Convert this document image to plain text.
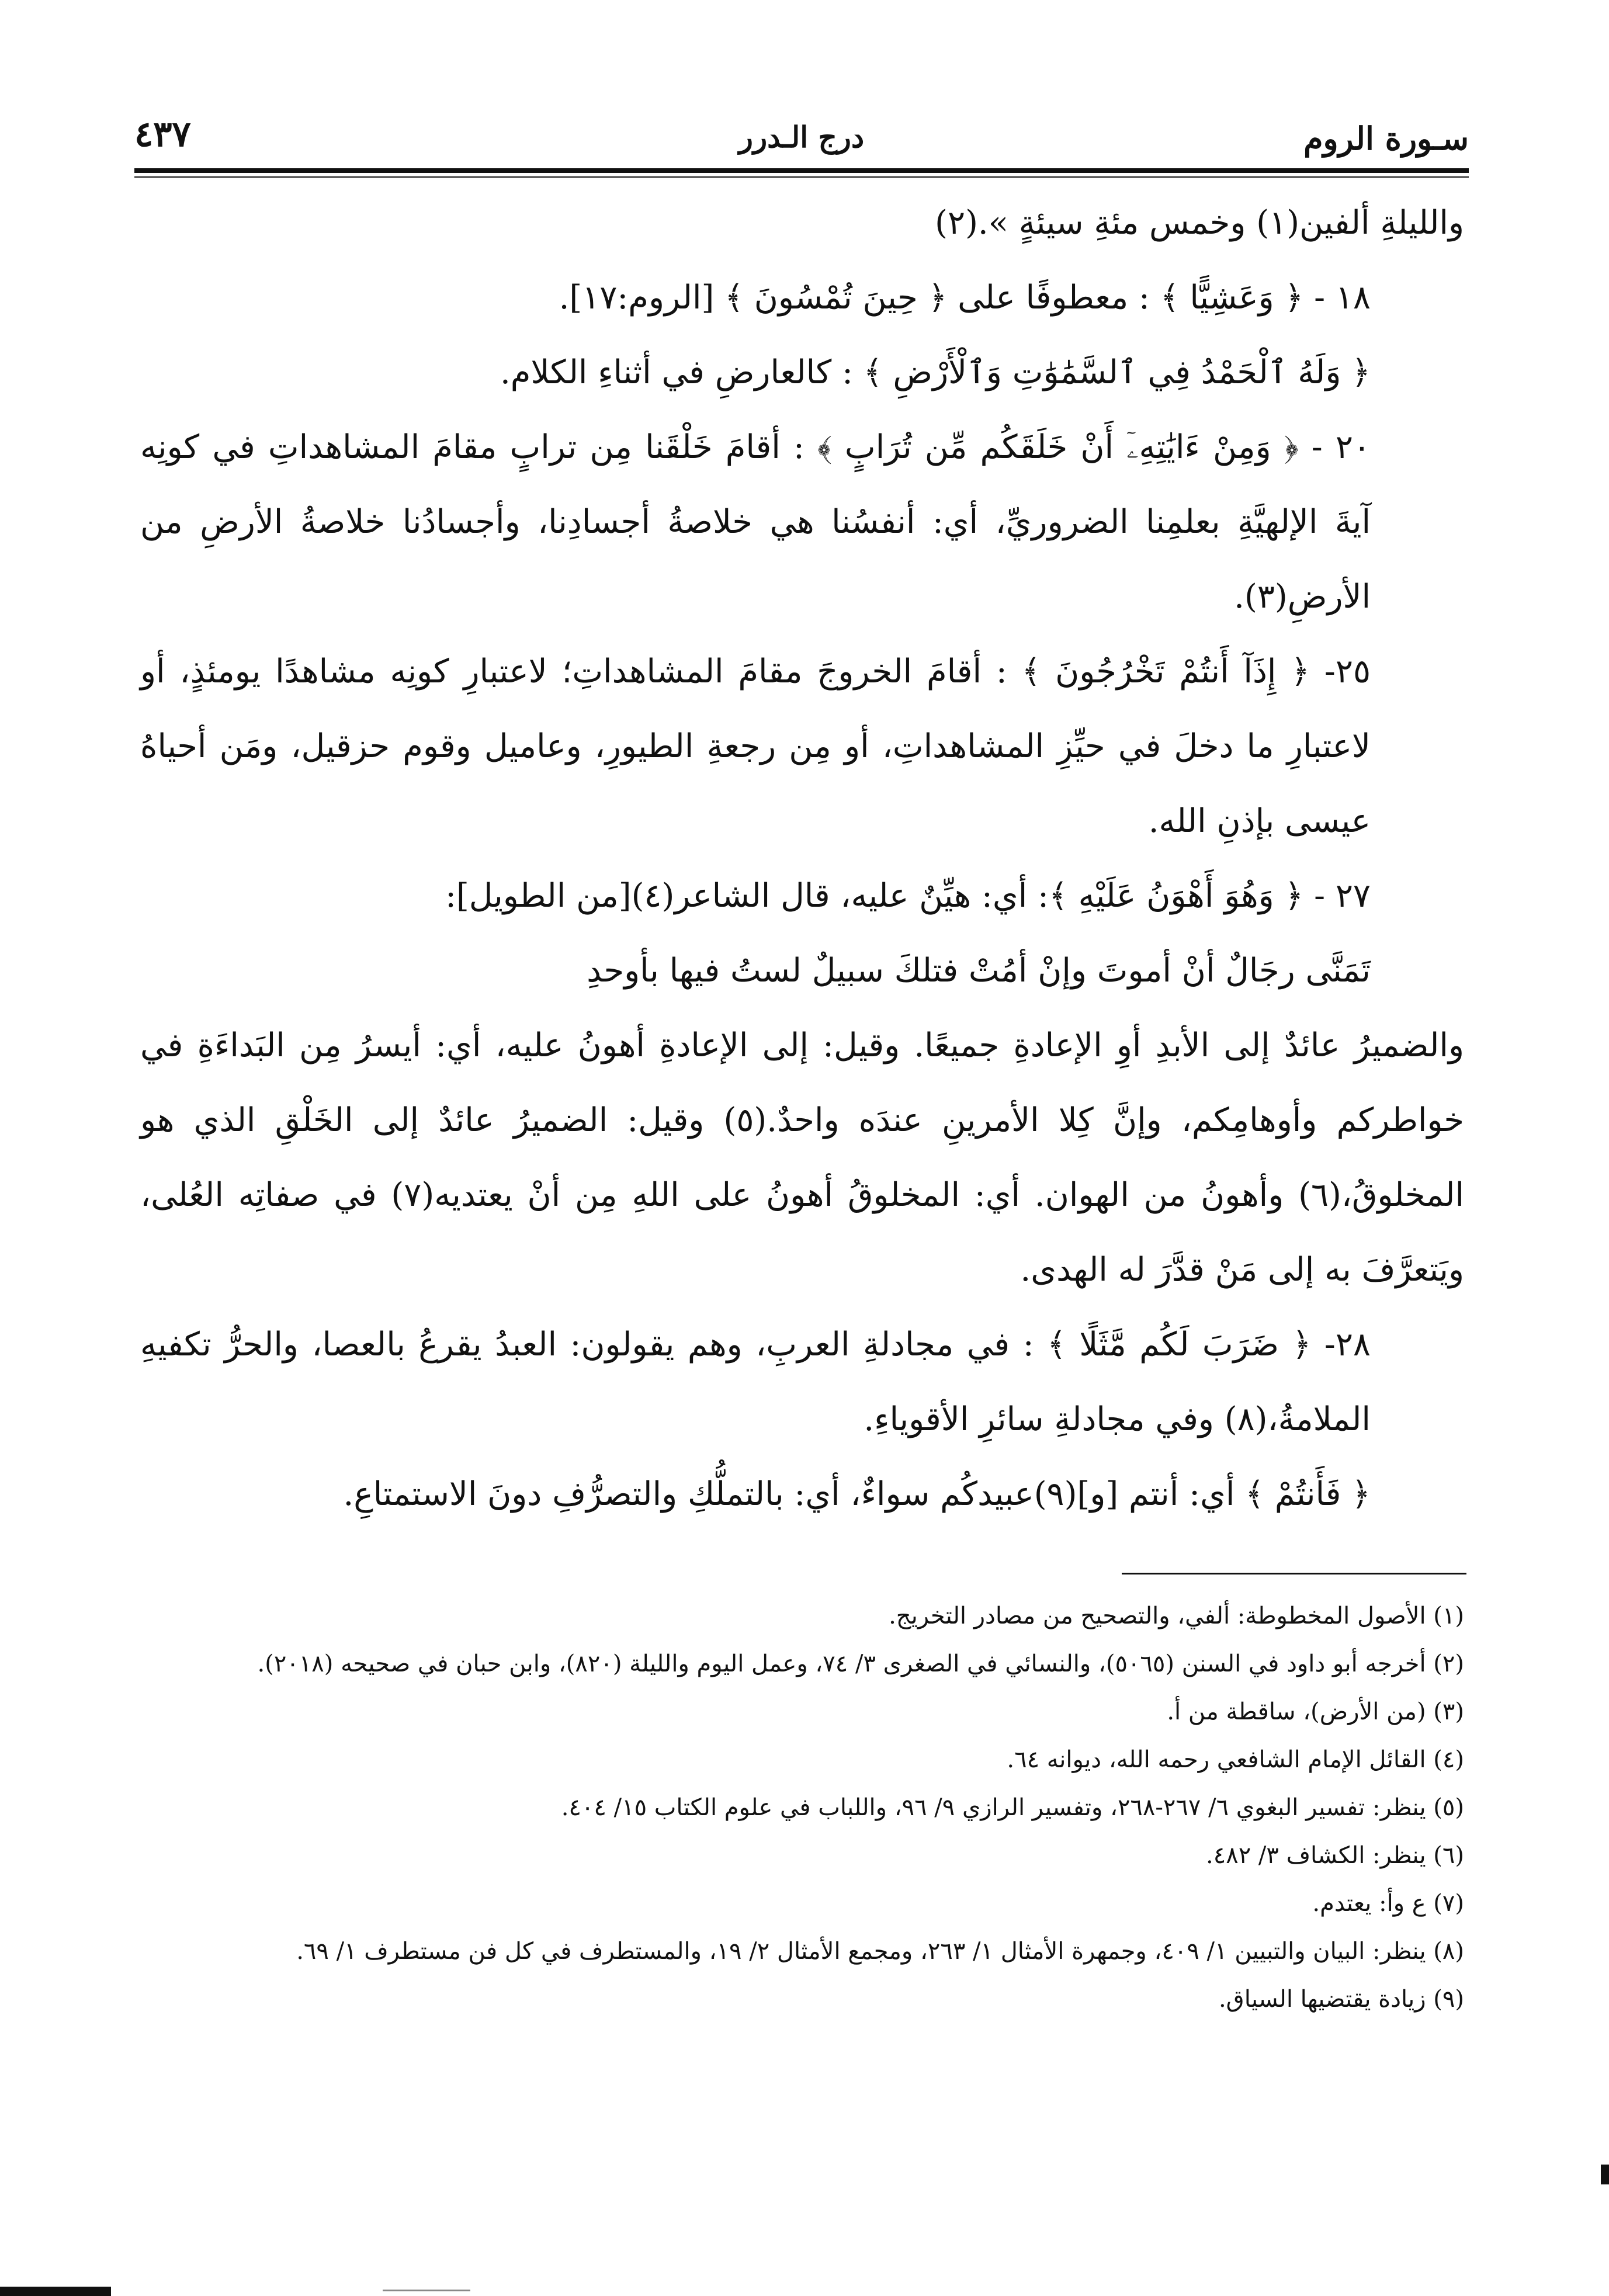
سـورة الروم
درج الـدرر
٤٣٧

والليلةِ ألفين(١) وخمس مئةِ سيئةٍ ».(٢)

١٨ - ﴿ وَعَشِيًّا ﴾ : معطوفًا على ﴿ حِينَ تُمْسُونَ ﴾ [الروم:١٧].

﴿ وَلَهُ ٱلْحَمْدُ فِي ٱلسَّمَٰوَٰتِ وَٱلْأَرْضِ ﴾ : كالعارضِ في أثناءِ الكلام.

٢٠ - ﴿ وَمِنْ ءَايَٰتِهِۦٓ أَنْ خَلَقَكُم مِّن تُرَابٍ ﴾ : أقامَ خَلْقَنا مِن ترابٍ مقامَ المشاهداتِ في كونِه آيةَ الإلهيَّةِ بعلمِنا الضروريِّ، أي: أنفسُنا هي خلاصةُ أجسادِنا، وأجسادُنا خلاصةُ الأرضِ من الأرضِ(٣).

٢٥- ﴿ إِذَآ أَنتُمْ تَخْرُجُونَ ﴾ : أقامَ الخروجَ مقامَ المشاهداتِ؛ لاعتبارِ كونِه مشاهدًا يومئذٍ، أو لاعتبارِ ما دخلَ في حيِّزِ المشاهداتِ، أو مِن رجعةِ الطيورِ، وعاميل وقوم حزقيل، ومَن أحياهُ عيسى بإذنِ الله.

٢٧ - ﴿ وَهُوَ أَهْوَنُ عَلَيْهِ ﴾: أي: هيِّنٌ عليه، قال الشاعر(٤)[من الطويل]:

تَمَنَّى رجَالٌ أنْ أموتَ وإنْ أمُتْ فتلكَ سبيلٌ لستُ فيها بأوحدِ

والضميرُ عائدٌ إلى الأبدِ أوِ الإعادةِ جميعًا. وقيل: إلى الإعادةِ أهونُ عليه، أي: أيسرُ مِن البَداءَةِ في خواطركم وأوهامِكم، وإنَّ كِلا الأمرينِ عندَه واحدٌ.(٥) وقيل: الضميرُ عائدٌ إلى الخَلْقِ الذي هو المخلوقُ،(٦) وأهونُ من الهوان. أي: المخلوقُ أهونُ على اللهِ مِن أنْ يعتديه(٧) في صفاتِه العُلى، ويَتعرَّفَ به إلى مَنْ قدَّرَ له الهدى.

٢٨- ﴿ ضَرَبَ لَكُم مَّثَلًا ﴾ : في مجادلةِ العربِ، وهم يقولون: العبدُ يقرعُ بالعصا، والحرُّ تكفيهِ الملامةُ،(٨) وفي مجادلةِ سائرِ الأقوياءِ.

﴿ فَأَنتُمْ ﴾ أي: أنتم [و](٩)عبيدكُم سواءٌ، أي: بالتملُّكِ والتصرُّفِ دونَ الاستمتاعِ.

(١) الأصول المخطوطة: ألفي، والتصحيح من مصادر التخريج.

(٢) أخرجه أبو داود في السنن (٥٠٦٥)، والنسائي في الصغرى ٣/ ٧٤، وعمل اليوم والليلة (٨٢٠)، وابن حبان في صحيحه (٢٠١٨).

(٣) (من الأرض)، ساقطة من أ.

(٤) القائل الإمام الشافعي رحمه الله، ديوانه ٦٤.

(٥) ينظر: تفسير البغوي ٦/ ٢٦٧-٢٦٨، وتفسير الرازي ٩/ ٩٦، واللباب في علوم الكتاب ١٥/ ٤٠٤.

(٦) ينظر: الكشاف ٣/ ٤٨٢.

(٧) ع وأ: يعتدم.

(٨) ينظر: البيان والتبيين ١/ ٤٠٩، وجمهرة الأمثال ١/ ٢٦٣، ومجمع الأمثال ٢/ ١٩، والمستطرف في كل فن مستطرف ١/ ٦٩.

(٩) زيادة يقتضيها السياق.
